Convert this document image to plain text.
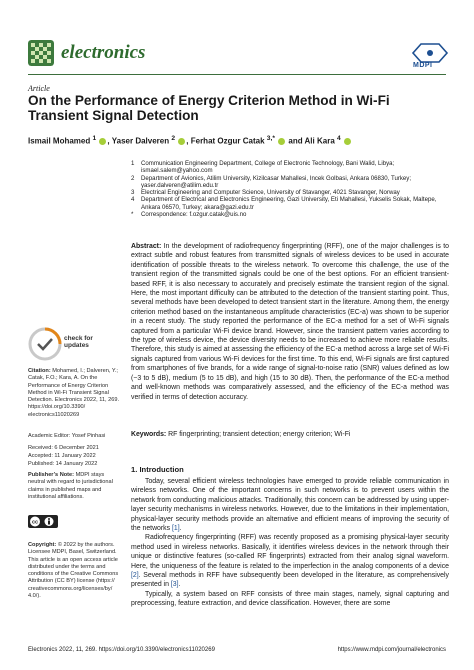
electronics
MDPI
Article
On the Performance of Energy Criterion Method in Wi-Fi Transient Signal Detection
Ismail Mohamed $^1$ , Yaser Dalveren $^2$ , Ferhat Ozgur Catak $^{3,*}$  and Ali Kara $^4$
1	Communication Engineering Department, College of Electronic Technology, Bani Walid, Libya; ismael.salem@yahoo.com
2	Department of Avionics, Atilim University, Kizilcasar Mahallesi, Incek Golbasi, Ankara 06830, Turkey; yaser.dalveren@atilim.edu.tr
3	Electrical Engineering and Computer Science, University of Stavanger, 4021 Stavanger, Norway
4	Department of Electrical and Electronics Engineering, Gazi University, Eti Mahallesi, Yukselis Sokak, Maltepe, Ankara 06570, Turkey; akara@gazi.edu.tr
*	Correspondence: f.ozgur.catak@uis.no
Abstract: In the development of radiofrequency fingerprinting (RFF), one of the major challenges is to extract subtle and robust features from transmitted signals of wireless devices to be used in accurate identification of possible threats to the wireless network. To overcome this challenge, the use of the transient region of the transmitted signals could be one of the best options. For an efficient transient-based RFF, it is also necessary to accurately and precisely estimate the transient region of the signal. Here, the most important difficulty can be attributed to the detection of the transient starting point. Thus, several methods have been developed to detect transient start in the literature. Among them, the energy criterion method based on the instantaneous amplitude characteristics (EC-a) was shown to be superior in a recent study. The study reported the performance of the EC-a method for a set of Wi-Fi signals captured from a particular Wi-Fi device brand. However, since the transient pattern varies according to the type of wireless device, the device diversity needs to be increased to achieve more reliable results. Therefore, this study is aimed at assessing the efficiency of the EC-a method across a large set of Wi-Fi signals captured from various Wi-Fi devices for the first time. To this end, Wi-Fi signals are first captured from smartphones of five brands, for a wide range of signal-to-noise ratio (SNR) values defined as low (−3 to 5 dB), medium (5 to 15 dB), and high (15 to 30 dB). Then, the performance of the EC-a method and well-known methods was comparatively assessed, and the efficiency of the EC-a method was verified in terms of detection accuracy.
Keywords: RF fingerprinting; transient detection; energy criterion; Wi-Fi
check for
updates
Citation: Mohamed, I.; Dalveren, Y.; Catak, F.O.; Kara, A. On the Performance of Energy Criterion Method in Wi-Fi Transient Signal Detection. Electronics 2022, 11, 269. https://doi.org/10.3390/ electronics11020269
Academic Editor: Yosef Pinhasi
Received: 6 December 2021
Accepted: 11 January 2022
Published: 14 January 2022
Publisher’s Note: MDPI stays neutral with regard to jurisdictional claims in published maps and institutional affiliations.
cc
Copyright: © 2022 by the authors. Licensee MDPI, Basel, Switzerland. This article is an open access article distributed under the terms and conditions of the Creative Commons Attribution (CC BY) license (https:// creativecommons.org/licenses/by/ 4.0/).
1. Introduction

Today, several efficient wireless technologies have emerged to provide reliable communication in wireless networks. One of the important concerns in such networks is to prevent users within the network from conducting malicious attacks. Traditionally, this concern can be addressed by using upper-layer security mechanisms in wireless networks. However, due to the limitations in their implementation, physical-layer security methods provide an alternative and efficient means of improving the security of the networks [1].

Radiofrequency fingerprinting (RFF) was recently proposed as a promising physical-layer security method used in wireless networks. Basically, it identifies wireless devices in the network through their unique or distinctive features (so-called RF fingerprints) extracted from their analog signal waveform. Here, the uniqueness of the feature is related to the imperfection in the analog components of a device [2]. Several methods in RFF have subsequently been developed in the literature, as comprehensively presented in [3].

Typically, a system based on RFF consists of three main stages, namely, signal capturing and preprocessing, feature extraction, and device classification. However, there are some

Electronics 2022, 11, 269. https://doi.org/10.3390/electronics11020269	https://www.mdpi.com/journal/electronics
